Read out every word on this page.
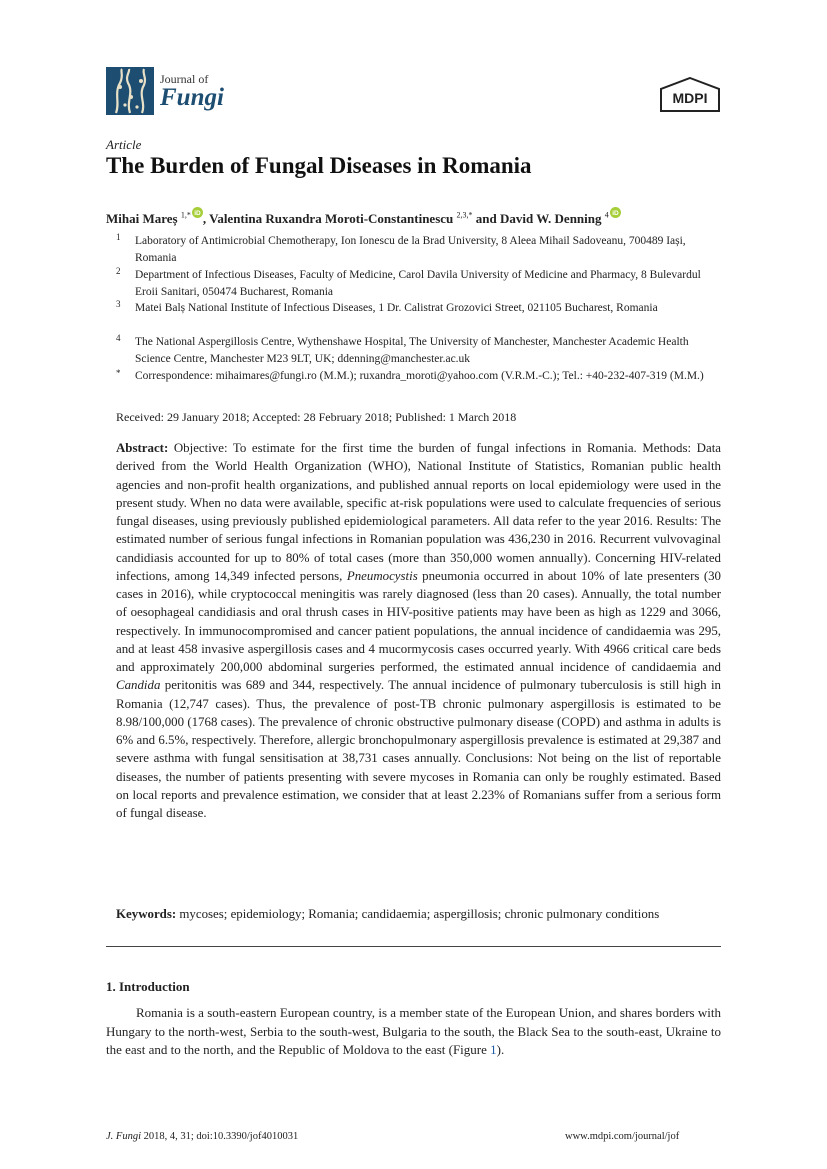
Journal of
Fungi	MDPI
Article
The Burden of Fungal Diseases in Romania
Mihai Mareș $^{1,*}$ iD , Valentina Ruxandra Moroti-Constantinescu $^{2,3,*}$ and David W. Denning $^4$ iD
1 Laboratory of Antimicrobial Chemotherapy, Ion Ionescu de la Brad University, 8 Aleea Mihail Sadoveanu, 700489 Iași, Romania
2 Department of Infectious Diseases, Faculty of Medicine, Carol Davila University of Medicine and Pharmacy, 8 Bulevardul Eroii Sanitari, 050474 Bucharest, Romania
3 Matei Balș National Institute of Infectious Diseases, 1 Dr. Calistrat Grozovici Street, 021105 Bucharest, Romania
4 The National Aspergillosis Centre, Wythenshawe Hospital, The University of Manchester, Manchester Academic Health Science Centre, Manchester M23 9LT, UK; ddenning@manchester.ac.uk
* Correspondence: mihaimares@fungi.ro (M.M.); ruxandra_moroti@yahoo.com (V.R.M.-C.); Tel.: +40-232-407-319 (M.M.)
Received: 29 January 2018; Accepted: 28 February 2018; Published: 1 March 2018
Abstract: Objective: To estimate for the first time the burden of fungal infections in Romania. Methods: Data derived from the World Health Organization (WHO), National Institute of Statistics, Romanian public health agencies and non-profit health organizations, and published annual reports on local epidemiology were used in the present study. When no data were available, specific at-risk populations were used to calculate frequencies of serious fungal diseases, using previously published epidemiological parameters. All data refer to the year 2016. Results: The estimated number of serious fungal infections in Romanian population was 436,230 in 2016. Recurrent vulvovaginal candidiasis accounted for up to 80% of total cases (more than 350,000 women annually). Concerning HIV-related infections, among 14,349 infected persons, Pneumocystis pneumonia occurred in about 10% of late presenters (30 cases in 2016), while cryptococcal meningitis was rarely diagnosed (less than 20 cases). Annually, the total number of oesophageal candidiasis and oral thrush cases in HIV-positive patients may have been as high as 1229 and 3066, respectively. In immunocompromised and cancer patient populations, the annual incidence of candidaemia was 295, and at least 458 invasive aspergillosis cases and 4 mucormycosis cases occurred yearly. With 4966 critical care beds and approximately 200,000 abdominal surgeries performed, the estimated annual incidence of candidaemia and Candida peritonitis was 689 and 344, respectively. The annual incidence of pulmonary tuberculosis is still high in Romania (12,747 cases). Thus, the prevalence of post-TB chronic pulmonary aspergillosis is estimated to be 8.98/100,000 (1768 cases). The prevalence of chronic obstructive pulmonary disease (COPD) and asthma in adults is 6% and 6.5%, respectively. Therefore, allergic bronchopulmonary aspergillosis prevalence is estimated at 29,387 and severe asthma with fungal sensitisation at 38,731 cases annually. Conclusions: Not being on the list of reportable diseases, the number of patients presenting with severe mycoses in Romania can only be roughly estimated. Based on local reports and prevalence estimation, we consider that at least 2.23% of Romanians suffer from a serious form of fungal disease.
Keywords: mycoses; epidemiology; Romania; candidaemia; aspergillosis; chronic pulmonary conditions
1. Introduction
Romania is a south-eastern European country, is a member state of the European Union, and shares borders with Hungary to the north-west, Serbia to the south-west, Bulgaria to the south, the Black Sea to the south-east, Ukraine to the east and to the north, and the Republic of Moldova to the east (Figure 1).
J. Fungi 2018, 4, 31; doi:10.3390/jof4010031	www.mdpi.com/journal/jof
